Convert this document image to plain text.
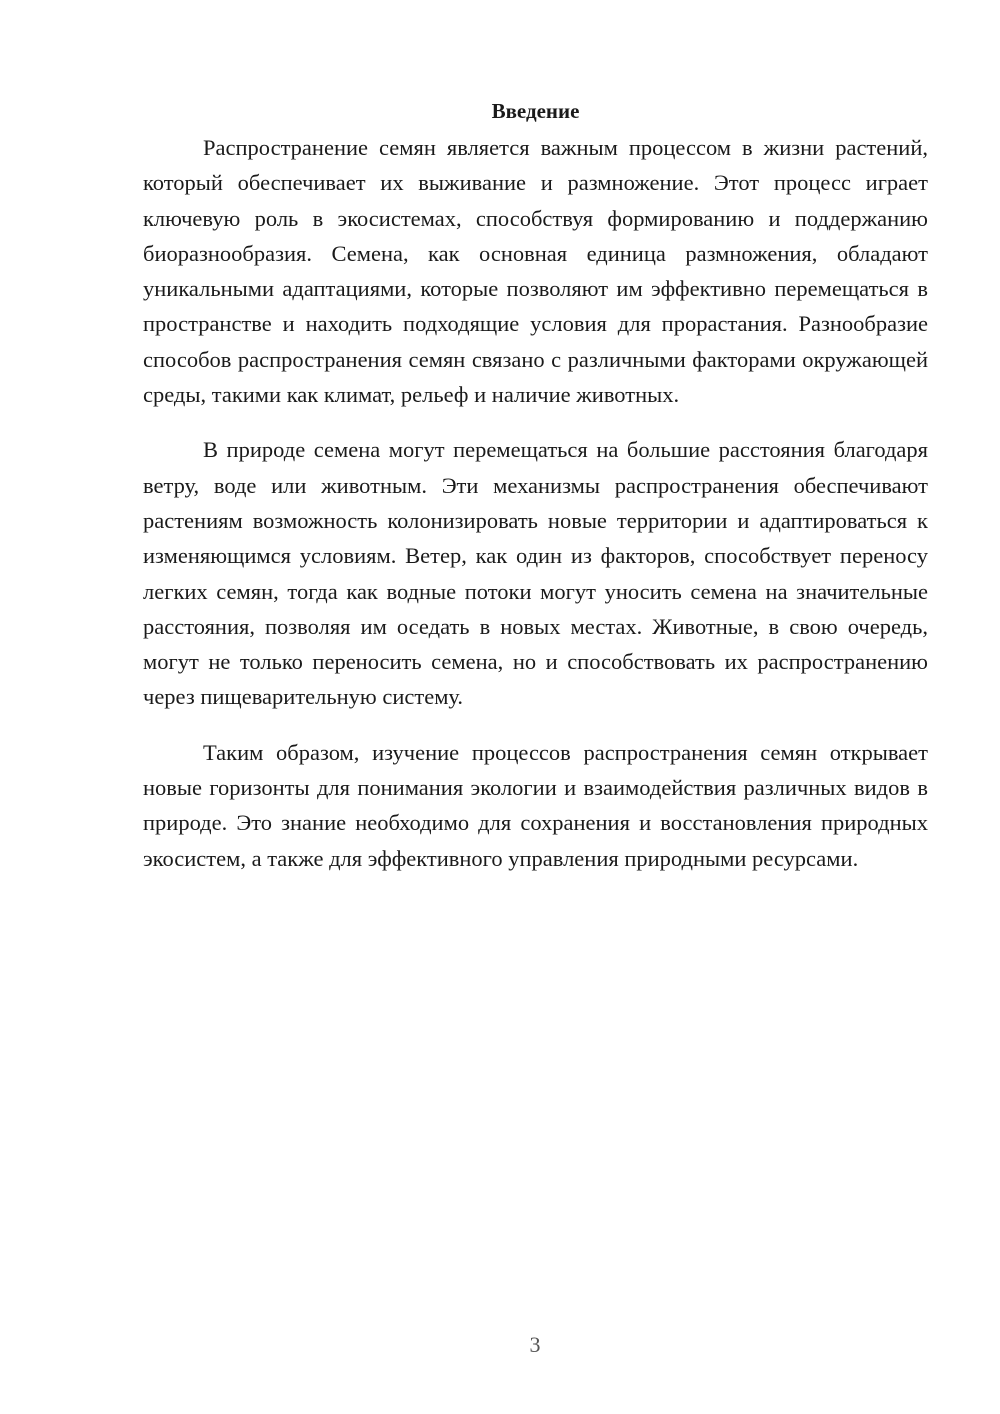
Введение

Распространение семян является важным процессом в жизни растений, который обеспечивает их выживание и размножение. Этот процесс играет ключевую роль в экосистемах, способствуя формированию и поддержанию биоразнообразия. Семена, как основная единица размножения, обладают уникальными адаптациями, которые позволяют им эффективно перемещаться в пространстве и находить подходящие условия для прорастания. Разнообразие способов распространения семян связано с различными факторами окружающей среды, такими как климат, рельеф и наличие животных.

В природе семена могут перемещаться на большие расстояния благодаря ветру, воде или животным. Эти механизмы распространения обеспечивают растениям возможность колонизировать новые территории и адаптироваться к изменяющимся условиям. Ветер, как один из факторов, способствует переносу легких семян, тогда как водные потоки могут уносить семена на значительные расстояния, позволяя им оседать в новых местах. Животные, в свою очередь, могут не только переносить семена, но и способствовать их распространению через пищеварительную систему.

Таким образом, изучение процессов распространения семян открывает новые горизонты для понимания экологии и взаимодействия различных видов в природе. Это знание необходимо для сохранения и восстановления природных экосистем, а также для эффективного управления природными ресурсами.

3
